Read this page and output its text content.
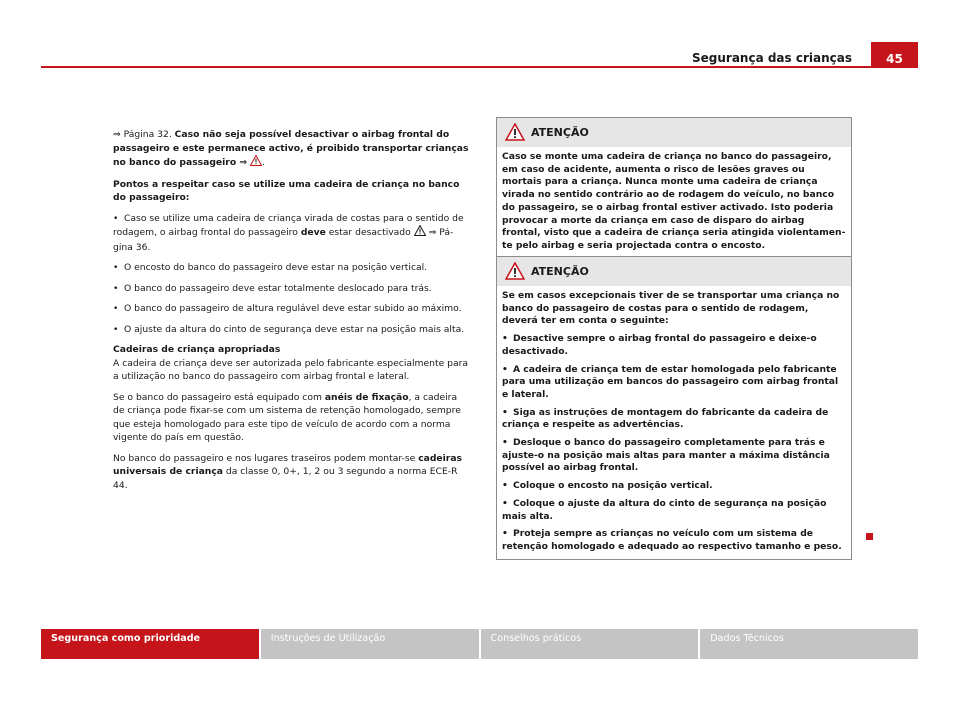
Segurança das crianças	45

⇒ Página 32. Caso não seja possível desactivar o airbag frontal do passageiro e este permanece activo, é proibido transportar crianças no banco do passageiro ⇒ .

Pontos a respeitar caso se utilize uma cadeira de criança no banco do passageiro:

• Caso se utilize uma cadeira de criança virada de costas para o sentido de rodagem, o airbag frontal do passageiro deve estar desactivado  ⇒ Página 36.

• O encosto do banco do passageiro deve estar na posição vertical.

• O banco do passageiro deve estar totalmente deslocado para trás.

• O banco do passageiro de altura regulável deve estar subido ao máximo.

• O ajuste da altura do cinto de segurança deve estar na posição mais alta.

Cadeiras de criança apropriadas
A cadeira de criança deve ser autorizada pelo fabricante especialmente para a utilização no banco do passageiro com airbag frontal e lateral.

Se o banco do passageiro está equipado com anéis de fixação, a cadeira de criança pode fixar-se com um sistema de retenção homologado, sempre que esteja homologado para este tipo de veículo de acordo com a norma vigente do país em questão.

No banco do passageiro e nos lugares traseiros podem montar-se cadeiras universais de criança da classe 0, 0+, 1, 2 ou 3 segundo a norma ECE-R 44.

ATENÇÃO

Caso se monte uma cadeira de criança no banco do passageiro, em caso de acidente, aumenta o risco de lesões graves ou mortais para a criança. Nunca monte uma cadeira de criança virada no sentido contrário ao de rodagem do veículo, no banco do passageiro, se o airbag frontal estiver activado. Isto poderia provocar a morte da criança em caso de disparo do airbag frontal, visto que a cadeira de criança seria atingida violentamente pelo airbag e seria projectada contra o encosto.

ATENÇÃO

Se em casos excepcionais tiver de se transportar uma criança no banco do passageiro de costas para o sentido de rodagem, deverá ter em conta o seguinte:

• Desactive sempre o airbag frontal do passageiro e deixe-o desactivado.

• A cadeira de criança tem de estar homologada pelo fabricante para uma utilização em bancos do passageiro com airbag frontal e lateral.

• Siga as instruções de montagem do fabricante da cadeira de criança e respeite as advertências.

• Desloque o banco do passageiro completamente para trás e ajuste-o na posição mais altas para manter a máxima distância possível ao airbag frontal.

• Coloque o encosto na posição vertical.

• Coloque o ajuste da altura do cinto de segurança na posição mais alta.

• Proteja sempre as crianças no veículo com um sistema de retenção homologado e adequado ao respectivo tamanho e peso.

Segurança como prioridade	Instruções de Utilização	Conselhos práticos	Dados Técnicos
